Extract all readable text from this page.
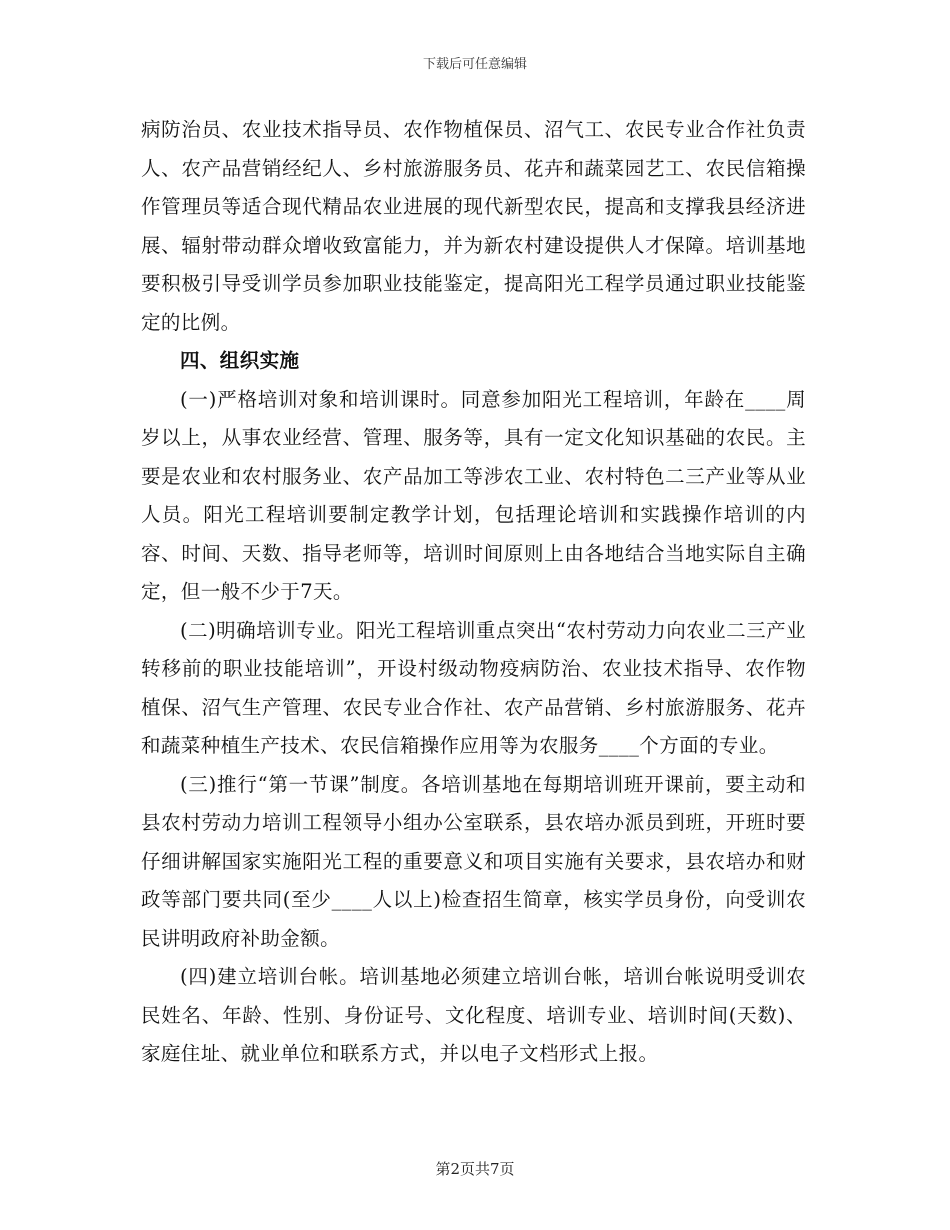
下载后可任意编辑

病防治员、农业技术指导员、农作物植保员、沼气工、农民专业合作社负责人、农产品营销经纪人、乡村旅游服务员、花卉和蔬菜园艺工、农民信箱操作管理员等适合现代精品农业进展的现代新型农民，提高和支撑我县经济进展、辐射带动群众增收致富能力，并为新农村建设提供人才保障。培训基地要积极引导受训学员参加职业技能鉴定，提高阳光工程学员通过职业技能鉴定的比例。

四、组织实施

(一)严格培训对象和培训课时。同意参加阳光工程培训，年龄在____周岁以上，从事农业经营、管理、服务等，具有一定文化知识基础的农民。主要是农业和农村服务业、农产品加工等涉农工业、农村特色二三产业等从业人员。阳光工程培训要制定教学计划，包括理论培训和实践操作培训的内容、时间、天数、指导老师等，培训时间原则上由各地结合当地实际自主确定，但一般不少于7天。

(二)明确培训专业。阳光工程培训重点突出“农村劳动力向农业二三产业转移前的职业技能培训”，开设村级动物疫病防治、农业技术指导、农作物植保、沼气生产管理、农民专业合作社、农产品营销、乡村旅游服务、花卉和蔬菜种植生产技术、农民信箱操作应用等为农服务____个方面的专业。

(三)推行“第一节课”制度。各培训基地在每期培训班开课前，要主动和县农村劳动力培训工程领导小组办公室联系，县农培办派员到班，开班时要仔细讲解国家实施阳光工程的重要意义和项目实施有关要求，县农培办和财政等部门要共同(至少____人以上)检查招生简章，核实学员身份，向受训农民讲明政府补助金额。

(四)建立培训台帐。培训基地必须建立培训台帐，培训台帐说明受训农民姓名、年龄、性别、身份证号、文化程度、培训专业、培训时间(天数)、家庭住址、就业单位和联系方式，并以电子文档形式上报。

第2页共7页
